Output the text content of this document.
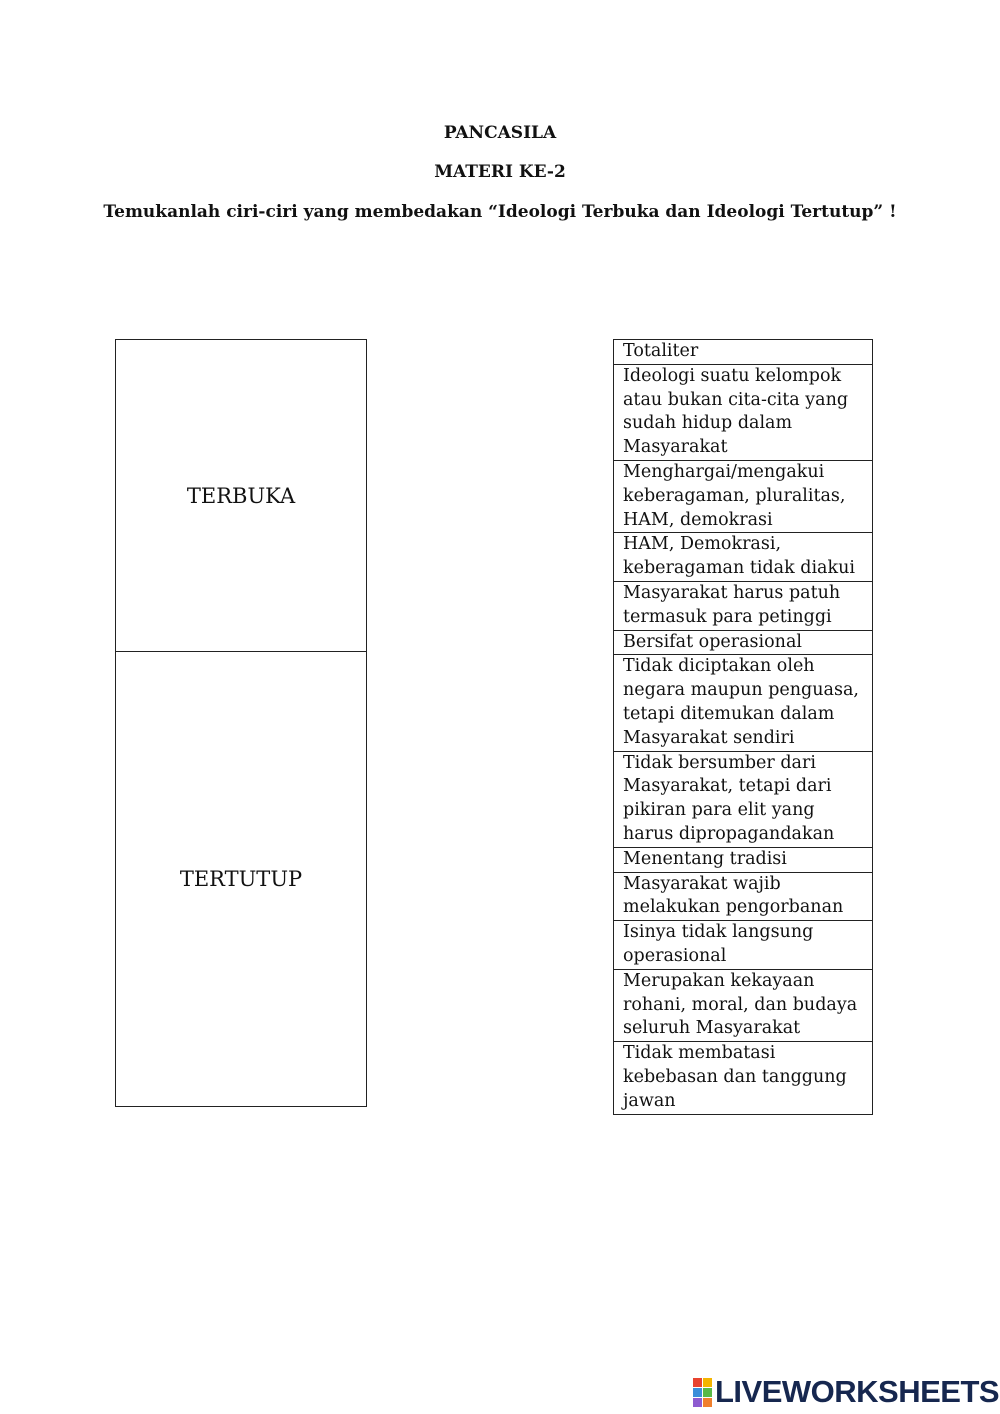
PANCASILA
MATERI KE-2
Temukanlah ciri-ciri yang membedakan “Ideologi Terbuka dan Ideologi Tertutup” !
TERBUKA
TERTUTUP
Totaliter
Ideologi suatu kelompok atau bukan cita-cita yang sudah hidup dalam Masyarakat
Menghargai/mengakui keberagaman, pluralitas, HAM, demokrasi
HAM, Demokrasi, keberagaman tidak diakui
Masyarakat harus patuh termasuk para petinggi
Bersifat operasional
Tidak diciptakan oleh negara maupun penguasa, tetapi ditemukan dalam Masyarakat sendiri
Tidak bersumber dari Masyarakat, tetapi dari pikiran para elit yang harus dipropagandakan
Menentang tradisi
Masyarakat wajib melakukan pengorbanan
Isinya tidak langsung operasional
Merupakan kekayaan rohani, moral, dan budaya seluruh Masyarakat
Tidak membatasi kebebasan dan tanggung jawan
LIVEWORKSHEETS
